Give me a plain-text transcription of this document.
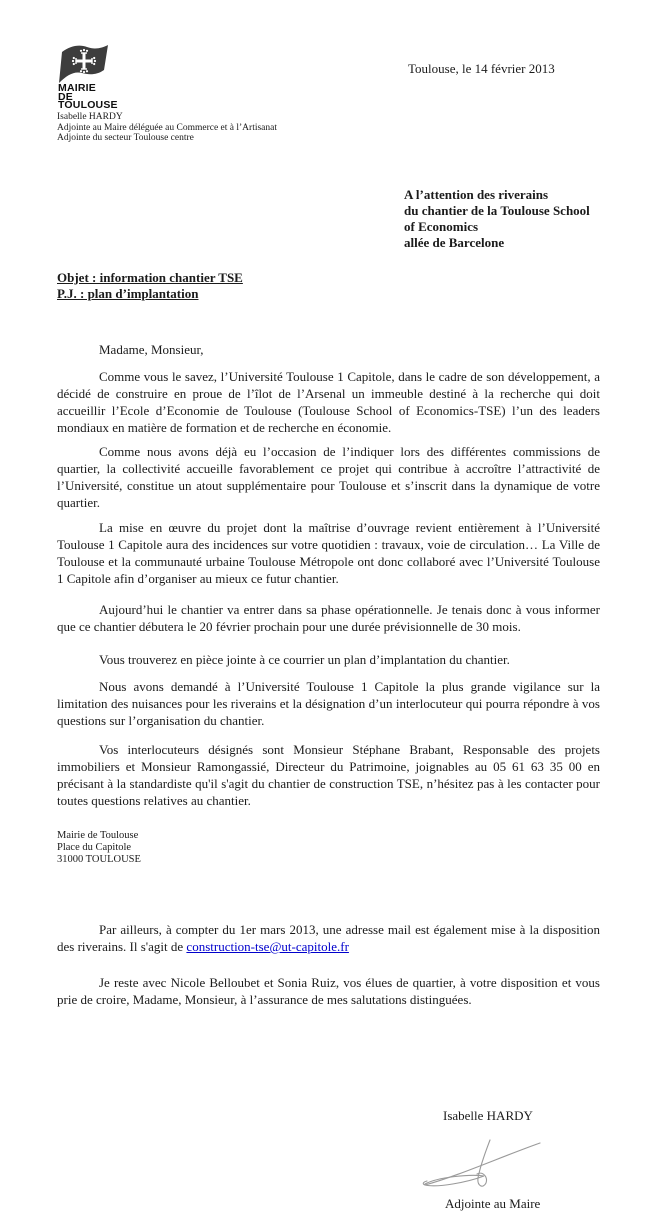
MAIRIE
DE
TOULOUSE
Toulouse, le 14 février 2013
Isabelle HARDY
Adjointe au Maire déléguée au Commerce et à l’Artisanat
Adjointe du secteur Toulouse centre
A l’attention des riverains
du chantier de la Toulouse School
of Economics
allée de Barcelone
Objet : information chantier TSE
P.J. : plan d’implantation
Madame, Monsieur,
Comme vous le savez, l’Université Toulouse 1 Capitole, dans le cadre de son développement, a décidé de construire en proue de l’îlot de l’Arsenal un immeuble destiné à la recherche qui doit accueillir l’Ecole d’Economie de Toulouse (Toulouse School of Economics-TSE) l’un des leaders mondiaux en matière de formation et de recherche en économie.
Comme nous avons déjà eu l’occasion de l’indiquer lors des différentes commissions de quartier, la collectivité accueille favorablement ce projet qui contribue à accroître l’attractivité de l’Université, constitue un atout supplémentaire pour Toulouse et s’inscrit dans la dynamique de votre quartier.
La mise en œuvre du projet dont la maîtrise d’ouvrage revient entièrement à l’Université Toulouse 1 Capitole aura des incidences sur votre quotidien : travaux, voie de circulation… La Ville de Toulouse et la communauté urbaine Toulouse Métropole ont donc collaboré avec l’Université Toulouse 1 Capitole afin d’organiser au mieux ce futur chantier.
Aujourd’hui le chantier va entrer dans sa phase opérationnelle. Je tenais donc à vous informer que ce chantier débutera le 20 février prochain pour une durée prévisionnelle de 30 mois.
Vous trouverez en pièce jointe à ce courrier un plan d’implantation du chantier.
Nous avons demandé à l’Université Toulouse 1 Capitole la plus grande vigilance sur la limitation des nuisances pour les riverains et la désignation d’un interlocuteur qui pourra répondre à vos questions sur l’organisation du chantier.
Vos interlocuteurs désignés sont Monsieur Stéphane Brabant, Responsable des projets immobiliers et Monsieur Ramongassié, Directeur du Patrimoine, joignables au 05 61 63 35 00 en précisant à la standardiste qu'il s'agit du chantier de construction TSE, n’hésitez pas à les contacter pour toutes questions relatives au chantier.
Mairie de Toulouse
Place du Capitole
31000 TOULOUSE
Par ailleurs, à compter du 1er mars 2013, une adresse mail est également mise à la disposition des riverains. Il s'agit de construction-tse@ut-capitole.fr
Je reste avec Nicole Belloubet et Sonia Ruiz, vos élues de quartier, à votre disposition et vous prie de croire, Madame, Monsieur, à l’assurance de mes salutations distinguées.
Isabelle HARDY
Adjointe au Maire
